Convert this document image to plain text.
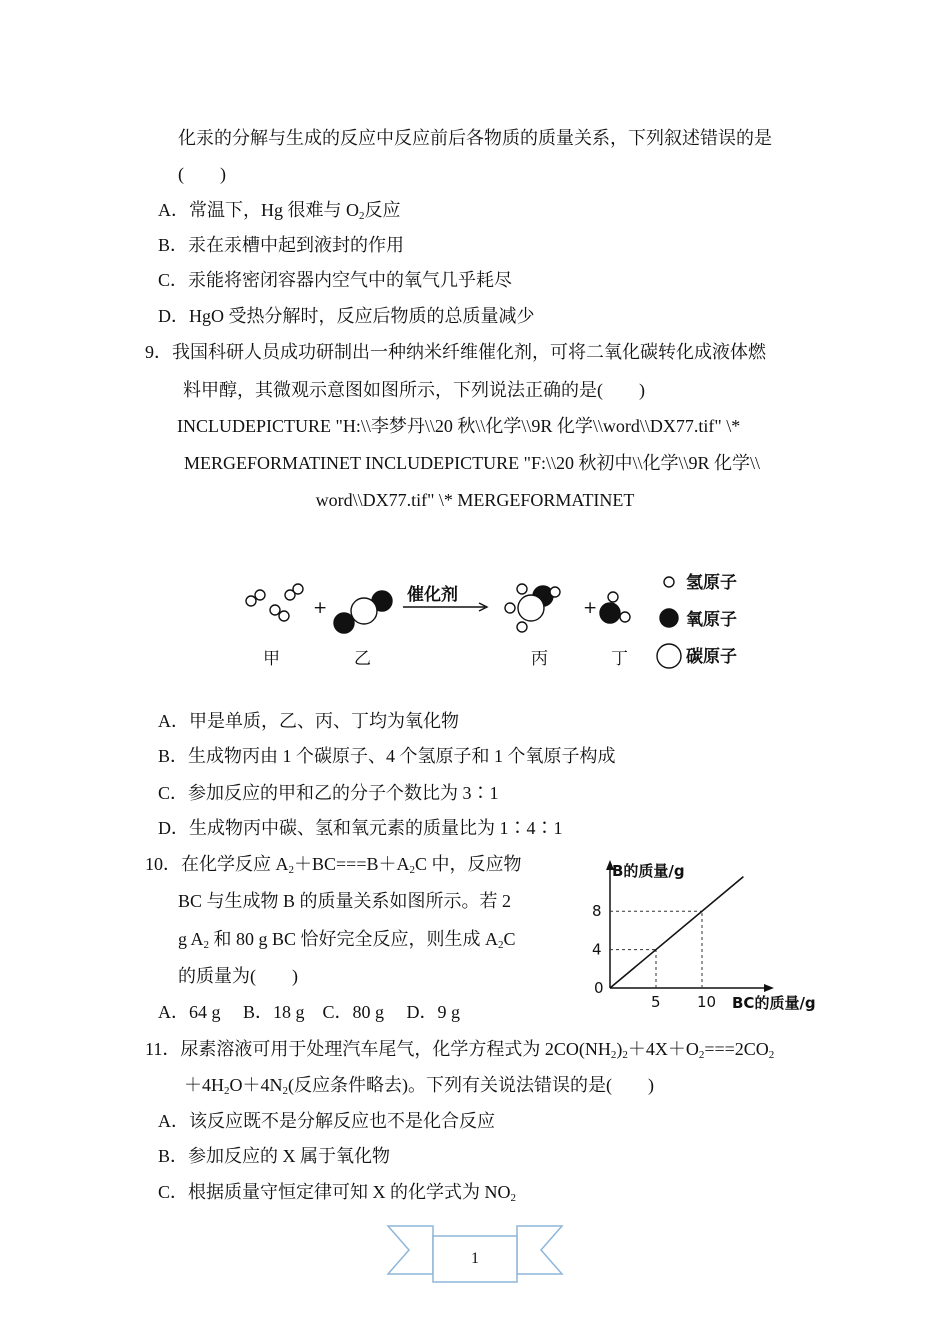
化汞的分解与生成的反应中反应前后各物质的质量关系，下列叙述错误的是
(　　)
A．常温下，Hg 很难与 $O_2$反应
B．汞在汞槽中起到液封的作用
C．汞能将密闭容器内空气中的氧气几乎耗尽
D．HgO 受热分解时，反应后物质的总质量减少
9．我国科研人员成功研制出一种纳米纤维催化剂，可将二氧化碳转化成液体燃
料甲醇，其微观示意图如图所示，下列说法正确的是(　　)
INCLUDEPICTURE "H:\\李梦丹\\20 秋\\化学\\9R 化学\\word\\DX77.tif" \*
MERGEFORMATINET INCLUDEPICTURE "F:\\20 秋初中\\化学\\9R 化学\\
word\\DX77.tif" \* MERGEFORMATINET
+	+
催化剂
甲	乙	丙	丁
氢原子
氧原子
碳原子
A．甲是单质，乙、丙、丁均为氧化物
B．生成物丙由 1 个碳原子、4 个氢原子和 1 个氧原子构成
C．参加反应的甲和乙的分子个数比为 3∶1
D．生成物丙中碳、氢和氧元素的质量比为 1∶4∶1
10．在化学反应 $A_2+BC===B+A_2C$ 中，反应物
BC 与生成物 B 的质量关系如图所示。若 2
g $A_2$ 和 80 g BC 恰好完全反应，则生成 $A_2C$
的质量为(　　)
A．64 g　 B．18 g　C．80 g　 D．9 g
B的质量/g
BC的质量/g
0
5
4
10
8
11．尿素溶液可用于处理汽车尾气，化学方程式为 $2CO(NH_2)_2+4X+O_2===2CO_2$
$+4H_2O+4N_2$(反应条件略去)。下列有关说法错误的是(　　)
A．该反应既不是分解反应也不是化合反应
B．参加反应的 X 属于氧化物
C．根据质量守恒定律可知 X 的化学式为 $NO_2$
1
